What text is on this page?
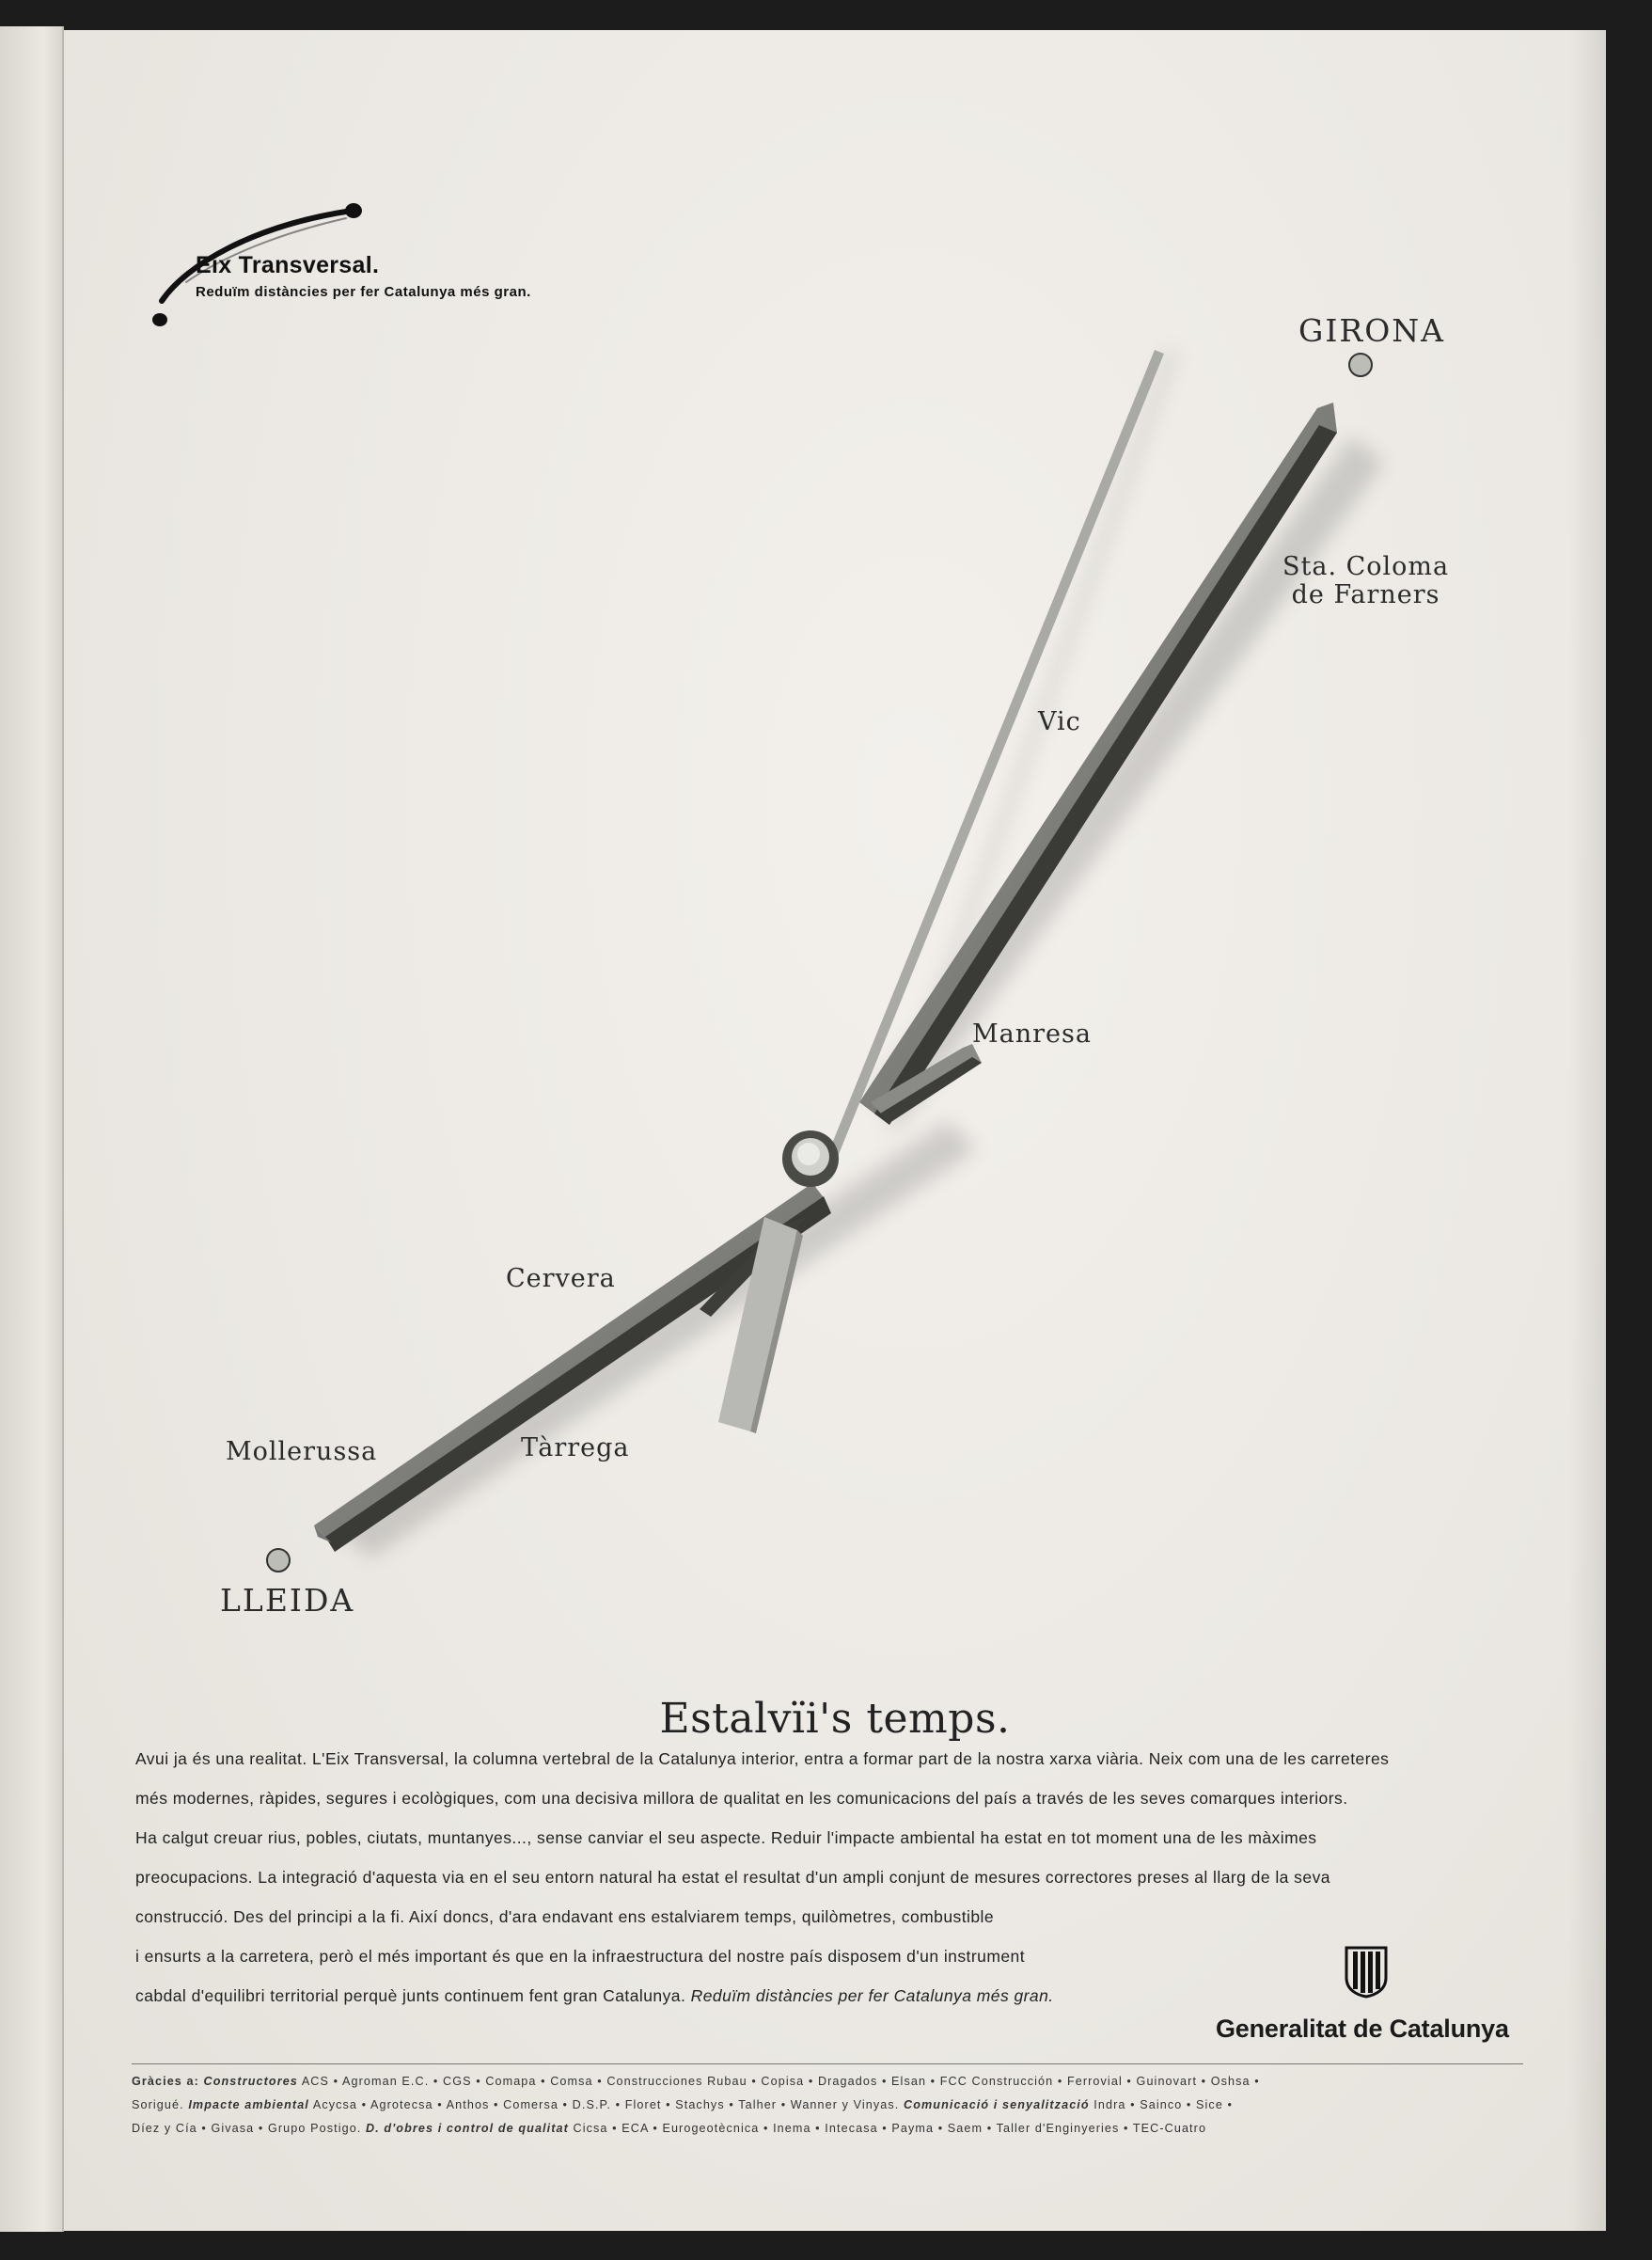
Eix Transversal.
Reduïm distàncies per fer Catalunya més gran.
GIRONA
LLEIDA
Sta. Coloma
de Farners
Vic
Manresa
Cervera
Mollerussa	Tàrrega
Estalvïi's temps.
Avui ja és una realitat. L'Eix Transversal, la columna vertebral de la Catalunya interior, entra a formar part de la nostra xarxa viària. Neix com una de les carreteres
més modernes, ràpides, segures i ecològiques, com una decisiva millora de qualitat en les comunicacions del país a través de les seves comarques interiors.
Ha calgut creuar rius, pobles, ciutats, muntanyes..., sense canviar el seu aspecte. Reduir l'impacte ambiental ha estat en tot moment una de les màximes
preocupacions. La integració d'aquesta via en el seu entorn natural ha estat el resultat d'un ampli conjunt de mesures correctores preses al llarg de la seva
construcció. Des del principi a la fi. Així doncs, d'ara endavant ens estalviarem temps, quilòmetres, combustible
i ensurts a la carretera, però el més important és que en la infraestructura del nostre país disposem d'un instrument
cabdal d'equilibri territorial perquè junts continuem fent gran Catalunya. Reduïm distàncies per fer Catalunya més gran.
Generalitat de Catalunya
Gràcies a: Constructores ACS • Agroman E.C. • CGS • Comapa • Comsa • Construcciones Rubau • Copisa • Dragados • Elsan • FCC Construcción • Ferrovial • Guinovart • Oshsa •
Sorigué. Impacte ambiental Acycsa • Agrotecsa • Anthos • Comersa • D.S.P. • Floret • Stachys • Talher • Wanner y Vinyas. Comunicació i senyalització Indra • Sainco • Sice •
Díez y Cía • Givasa • Grupo Postigo. D. d'obres i control de qualitat Cicsa • ECA • Eurogeotècnica • Inema • Intecasa • Payma • Saem • Taller d'Enginyeries • TEC-Cuatro
